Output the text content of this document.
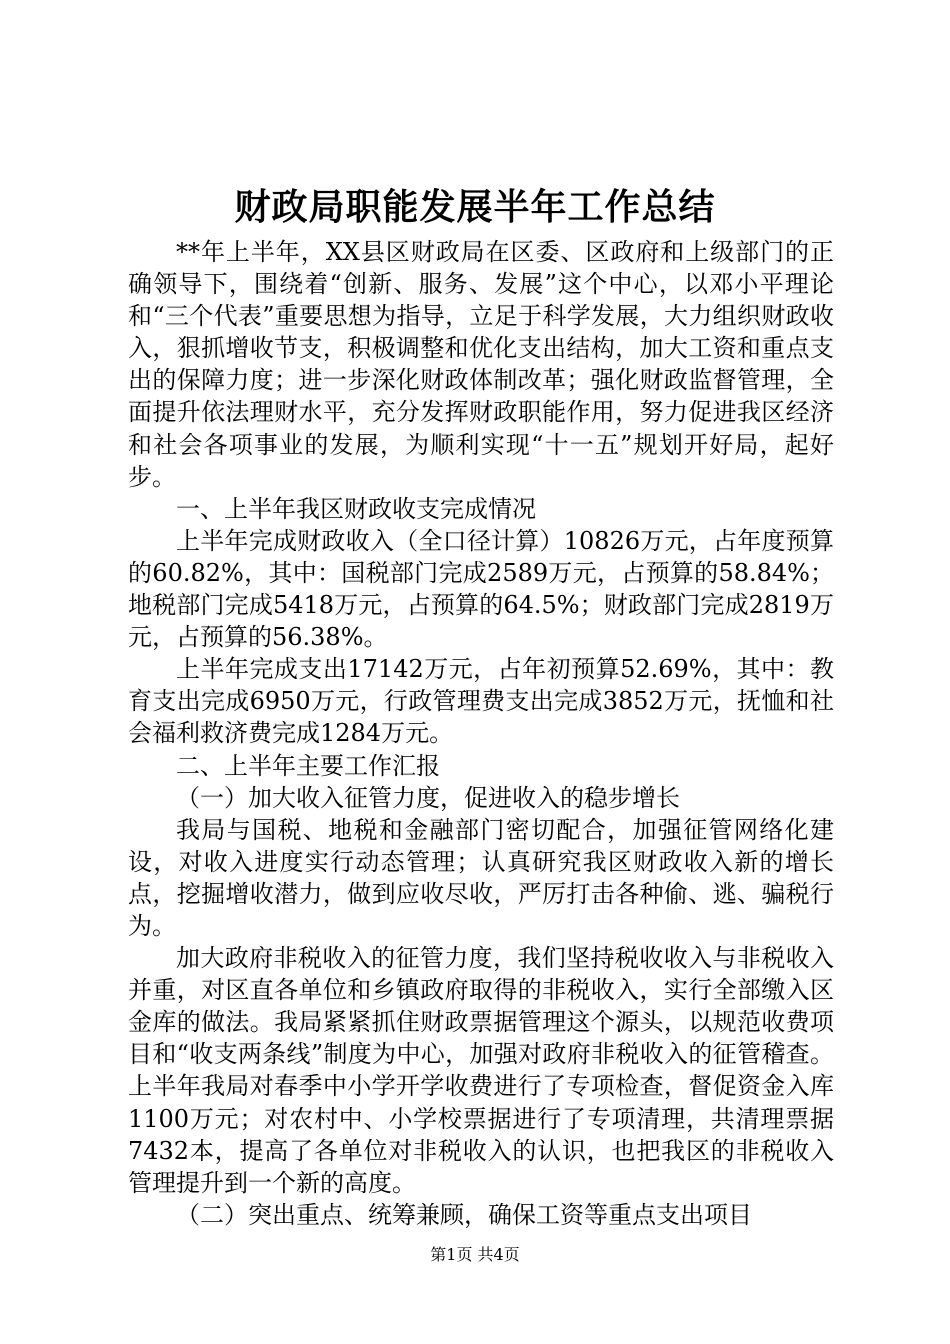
财政局职能发展半年工作总结

**年上半年，XX县区财政局在区委、区政府和上级部门的正确领导下，围绕着“创新、服务、发展”这个中心，以邓小平理论和“三个代表”重要思想为指导，立足于科学发展，大力组织财政收入，狠抓增收节支，积极调整和优化支出结构，加大工资和重点支出的保障力度；进一步深化财政体制改革；强化财政监督管理，全面提升依法理财水平，充分发挥财政职能作用，努力促进我区经济和社会各项事业的发展，为顺利实现“十一五”规划开好局，起好步。

一、上半年我区财政收支完成情况

上半年完成财政收入（全口径计算）10826万元，占年度预算的60.82%，其中：国税部门完成2589万元，占预算的58.84%；地税部门完成5418万元，占预算的64.5%；财政部门完成2819万元，占预算的56.38%。

上半年完成支出17142万元，占年初预算52.69%，其中：教育支出完成6950万元，行政管理费支出完成3852万元，抚恤和社会福利救济费完成1284万元。

二、上半年主要工作汇报

（一）加大收入征管力度，促进收入的稳步增长

我局与国税、地税和金融部门密切配合，加强征管网络化建设，对收入进度实行动态管理；认真研究我区财政收入新的增长点，挖掘增收潜力，做到应收尽收，严厉打击各种偷、逃、骗税行为。

加大政府非税收入的征管力度，我们坚持税收收入与非税收入并重，对区直各单位和乡镇政府取得的非税收入，实行全部缴入区金库的做法。我局紧紧抓住财政票据管理这个源头，以规范收费项目和“收支两条线”制度为中心，加强对政府非税收入的征管稽查。上半年我局对春季中小学开学收费进行了专项检查，督促资金入库1100万元；对农村中、小学校票据进行了专项清理，共清理票据7432本，提高了各单位对非税收入的认识，也把我区的非税收入管理提升到一个新的高度。

（二）突出重点、统筹兼顾，确保工资等重点支出项目

第1页 共4页
